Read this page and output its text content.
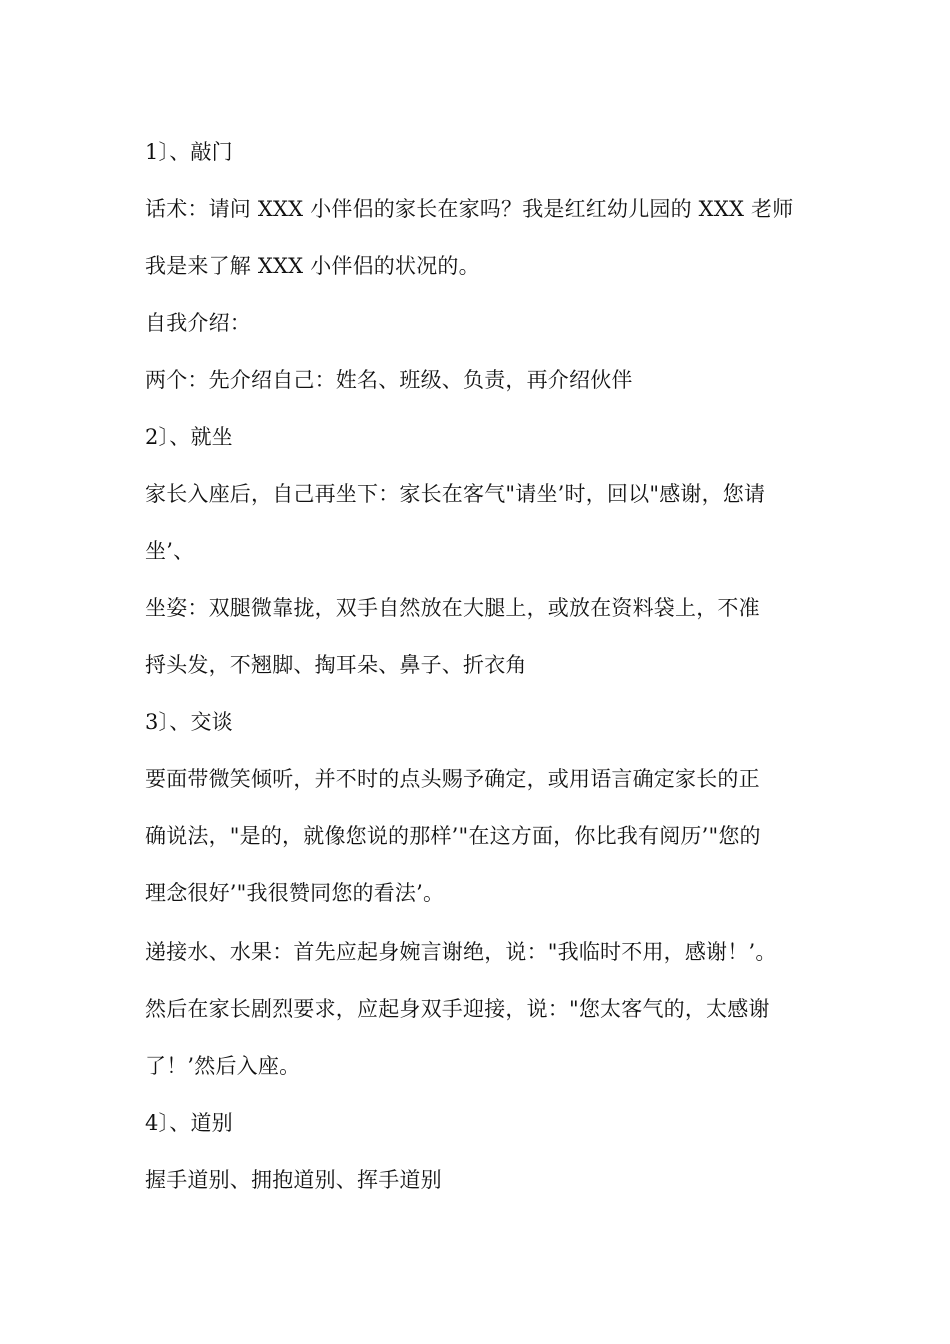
1〕、敲门
话术：请问 XXX 小伴侣的家长在家吗？我是红红幼儿园的 XXX 老师
我是来了解 XXX 小伴侣的状况的。
自我介绍：
两个：先介绍自己：姓名、班级、负责，再介绍伙伴
2〕、就坐
家长入座后，自己再坐下：家长在客气"请坐’时，回以"感谢，您请
坐’、
坐姿：双腿微靠拢，双手自然放在大腿上，或放在资料袋上，不准
捋头发，不翘脚、掏耳朵、鼻子、折衣角
3〕、交谈
要面带微笑倾听，并不时的点头赐予确定，或用语言确定家长的正
确说法，"是的，就像您说的那样’"在这方面，你比我有阅历’"您的
理念很好’"我很赞同您的看法’。
递接水、水果：首先应起身婉言谢绝，说："我临时不用，感谢！’。
然后在家长剧烈要求，应起身双手迎接，说："您太客气的，太感谢
了！’然后入座。
4〕、道别
握手道别、拥抱道别、挥手道别
